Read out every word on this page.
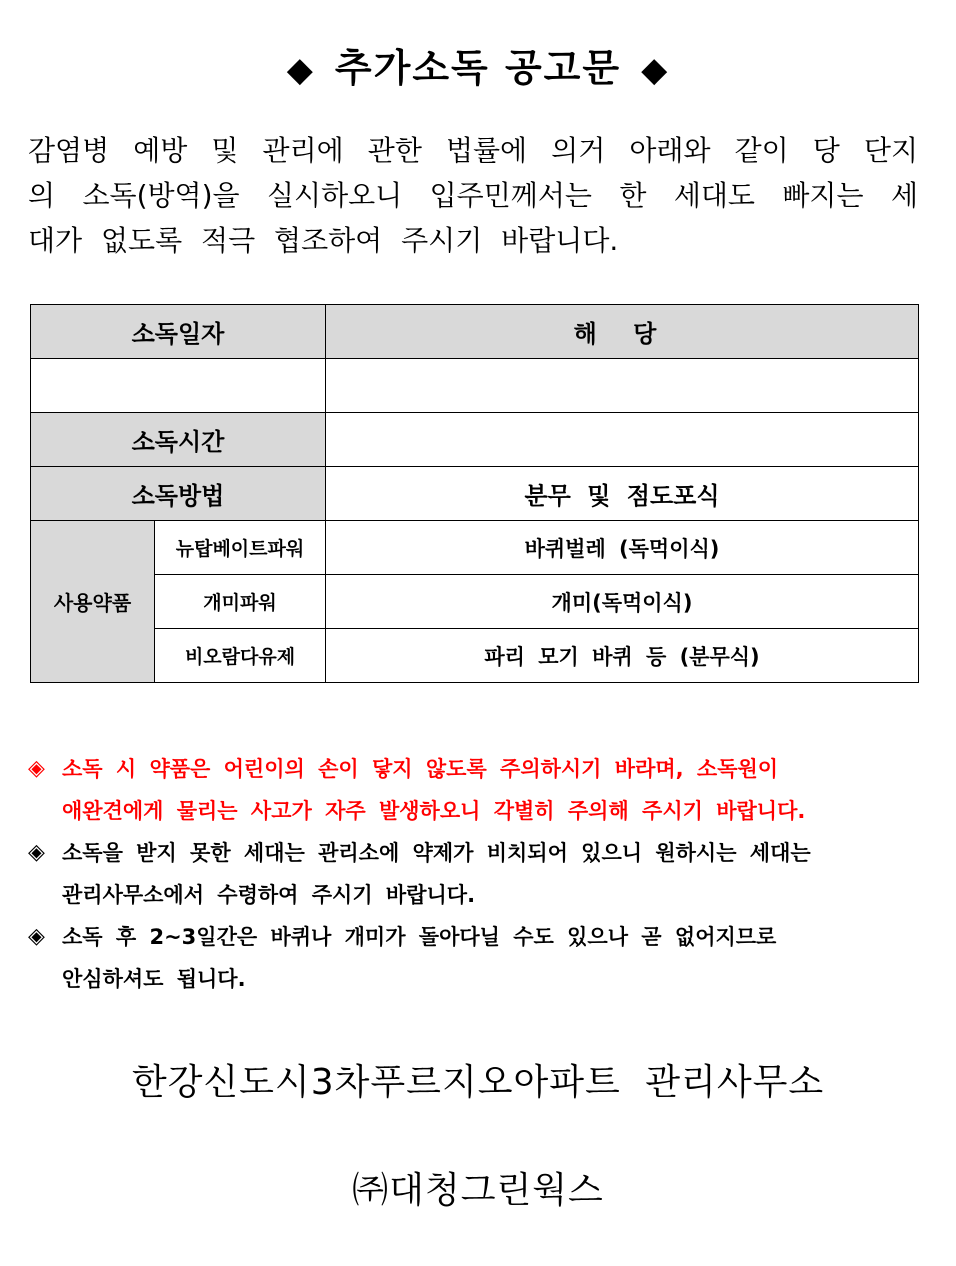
◆ 추가소독 공고문 ◆
감염병 예방 및 관리에 관한 법률에 의거 아래와 같이 당 단지
의 소독(방역)을 실시하오니 입주민께서는 한 세대도 빠지는 세
대가 없도록 적극 협조하여 주시기 바랍니다.
소독일자		해 당

소독시간		
소독방법		분무 및 점도포식
사용약품	뉴탑베이트파워	바퀴벌레 (독먹이식)
	개미파워	개미(독먹이식)
	비오람다유제	파리 모기 바퀴 등 (분무식)
◈ 소독 시 약품은 어린이의 손이 닿지 않도록 주의하시기 바라며, 소독원이
애완견에게 물리는 사고가 자주 발생하오니 각별히 주의해 주시기 바랍니다.
◈ 소독을 받지 못한 세대는 관리소에 약제가 비치되어 있으니 원하시는 세대는
관리사무소에서 수령하여 주시기 바랍니다.
◈ 소독 후 2~3일간은 바퀴나 개미가 돌아다닐 수도 있으나 곧 없어지므로
안심하셔도 됩니다.
한강신도시3차푸르지오아파트 관리사무소
㈜대청그린웍스
